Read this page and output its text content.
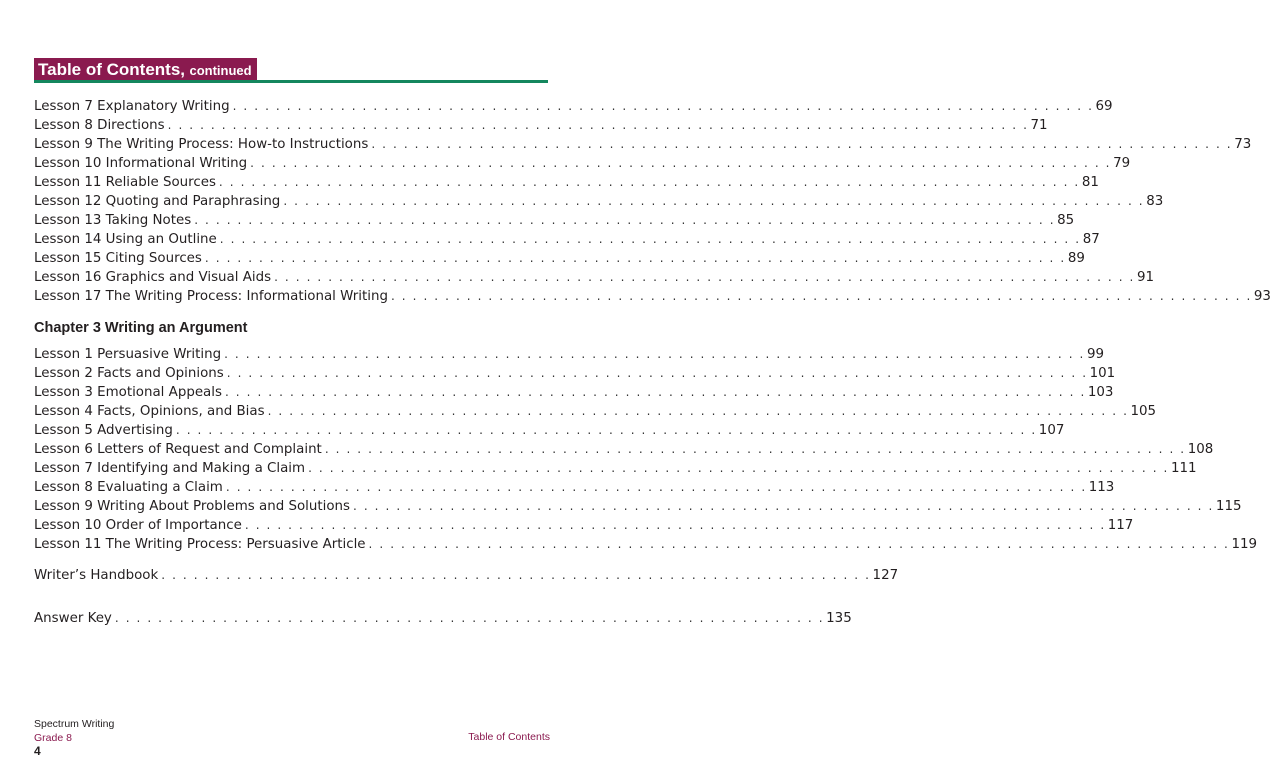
Table of Contents, continued
Lesson 7 Explanatory Writing . . . . . . . . . . . . . . . . . . . . . . . . . . . . . . . . . . . . . . . . . . . . . . . . . . . . . . . . . . . . . . . . . . . . . . . . . . . . . . . . 69
Lesson 8 Directions . . . . . . . . . . . . . . . . . . . . . . . . . . . . . . . . . . . . . . . . . . . . . . . . . . . . . . . . . . . . . . . . . . . . . . . . . . . . . . . . 71
Lesson 9 The Writing Process: How-to Instructions . . . . . . . . . . . . . . . . . . . . . . . . . . . . . . . . . . . . . . . . . . . . . . . . . . . . . . . . . . . . . . . . . . . . . . . . . . . . . . . . 73
Lesson 10 Informational Writing . . . . . . . . . . . . . . . . . . . . . . . . . . . . . . . . . . . . . . . . . . . . . . . . . . . . . . . . . . . . . . . . . . . . . . . . . . . . . . . . 79
Lesson 11 Reliable Sources . . . . . . . . . . . . . . . . . . . . . . . . . . . . . . . . . . . . . . . . . . . . . . . . . . . . . . . . . . . . . . . . . . . . . . . . . . . . . . . . 81
Lesson 12 Quoting and Paraphrasing . . . . . . . . . . . . . . . . . . . . . . . . . . . . . . . . . . . . . . . . . . . . . . . . . . . . . . . . . . . . . . . . . . . . . . . . . . . . . . . . 83
Lesson 13 Taking Notes . . . . . . . . . . . . . . . . . . . . . . . . . . . . . . . . . . . . . . . . . . . . . . . . . . . . . . . . . . . . . . . . . . . . . . . . . . . . . . . . 85
Lesson 14 Using an Outline . . . . . . . . . . . . . . . . . . . . . . . . . . . . . . . . . . . . . . . . . . . . . . . . . . . . . . . . . . . . . . . . . . . . . . . . . . . . . . . . 87
Lesson 15 Citing Sources . . . . . . . . . . . . . . . . . . . . . . . . . . . . . . . . . . . . . . . . . . . . . . . . . . . . . . . . . . . . . . . . . . . . . . . . . . . . . . . . 89
Lesson 16 Graphics and Visual Aids . . . . . . . . . . . . . . . . . . . . . . . . . . . . . . . . . . . . . . . . . . . . . . . . . . . . . . . . . . . . . . . . . . . . . . . . . . . . . . . . 91
Lesson 17 The Writing Process: Informational Writing . . . . . . . . . . . . . . . . . . . . . . . . . . . . . . . . . . . . . . . . . . . . . . . . . . . . . . . . . . . . . . . . . . . . . . . . . . . . . . . . 93
Chapter 3 Writing an Argument
Lesson 1 Persuasive Writing . . . . . . . . . . . . . . . . . . . . . . . . . . . . . . . . . . . . . . . . . . . . . . . . . . . . . . . . . . . . . . . . . . . . . . . . . . . . . . . . 99
Lesson 2 Facts and Opinions . . . . . . . . . . . . . . . . . . . . . . . . . . . . . . . . . . . . . . . . . . . . . . . . . . . . . . . . . . . . . . . . . . . . . . . . . . . . . . . . 101
Lesson 3 Emotional Appeals . . . . . . . . . . . . . . . . . . . . . . . . . . . . . . . . . . . . . . . . . . . . . . . . . . . . . . . . . . . . . . . . . . . . . . . . . . . . . . . . 103
Lesson 4 Facts, Opinions, and Bias . . . . . . . . . . . . . . . . . . . . . . . . . . . . . . . . . . . . . . . . . . . . . . . . . . . . . . . . . . . . . . . . . . . . . . . . . . . . . . . . 105
Lesson 5 Advertising . . . . . . . . . . . . . . . . . . . . . . . . . . . . . . . . . . . . . . . . . . . . . . . . . . . . . . . . . . . . . . . . . . . . . . . . . . . . . . . . 107
Lesson 6 Letters of Request and Complaint . . . . . . . . . . . . . . . . . . . . . . . . . . . . . . . . . . . . . . . . . . . . . . . . . . . . . . . . . . . . . . . . . . . . . . . . . . . . . . . . 108
Lesson 7 Identifying and Making a Claim . . . . . . . . . . . . . . . . . . . . . . . . . . . . . . . . . . . . . . . . . . . . . . . . . . . . . . . . . . . . . . . . . . . . . . . . . . . . . . . . 111
Lesson 8 Evaluating a Claim . . . . . . . . . . . . . . . . . . . . . . . . . . . . . . . . . . . . . . . . . . . . . . . . . . . . . . . . . . . . . . . . . . . . . . . . . . . . . . . . 113
Lesson 9 Writing About Problems and Solutions . . . . . . . . . . . . . . . . . . . . . . . . . . . . . . . . . . . . . . . . . . . . . . . . . . . . . . . . . . . . . . . . . . . . . . . . . . . . . . . . 115
Lesson 10 Order of Importance . . . . . . . . . . . . . . . . . . . . . . . . . . . . . . . . . . . . . . . . . . . . . . . . . . . . . . . . . . . . . . . . . . . . . . . . . . . . . . . . 117
Lesson 11 The Writing Process: Persuasive Article . . . . . . . . . . . . . . . . . . . . . . . . . . . . . . . . . . . . . . . . . . . . . . . . . . . . . . . . . . . . . . . . . . . . . . . . . . . . . . . . 119
Writer’s Handbook . . . . . . . . . . . . . . . . . . . . . . . . . . . . . . . . . . . . . . . . . . . . . . . . . . . . . . . . . . . . . . . . . . 127
Answer Key . . . . . . . . . . . . . . . . . . . . . . . . . . . . . . . . . . . . . . . . . . . . . . . . . . . . . . . . . . . . . . . . . . 135
Spectrum Writing
Grade 8
4
Table of Contents
